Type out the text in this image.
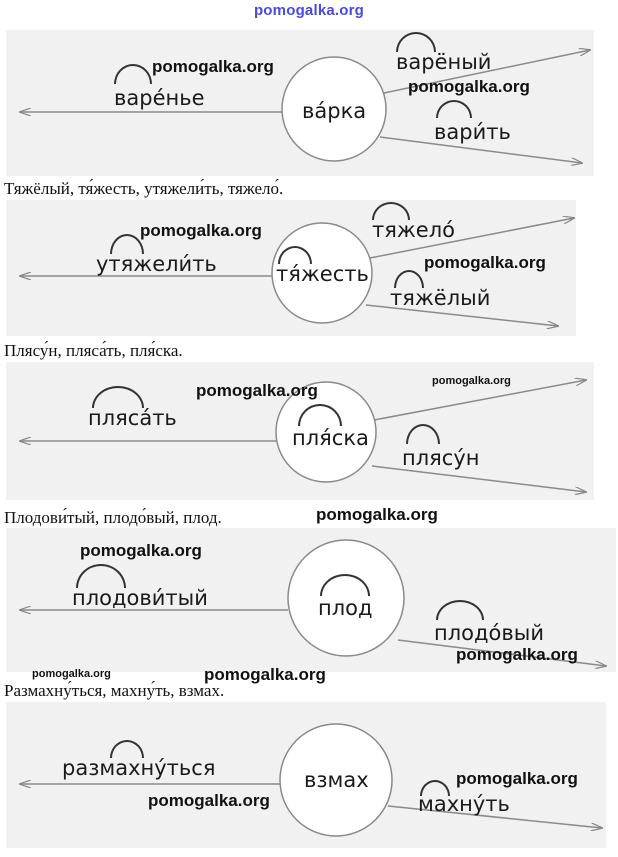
pomogalka.org
варе́нье
ва́рка
варёный
вари́ть
pomogalka.org
pomogalka.org
Тяжёлый, тя́жесть, утяжели́ть, тяжело́.
утяжели́ть	тя́жесть
тяжело́
тяжёлый
pomogalka.org
pomogalka.org
Плясу́н, пляса́ть, пля́ска.
пляса́ть
пля́ска
плясу́н
pomogalka.org	pomogalka.org
Плодови́тый, плодо́вый, плод.	pomogalka.org
плодови́тый	плод
плодо́вый
pomogalka.org
pomogalka.org
pomogalka.org	pomogalka.org
Размахну́ться, махну́ть, взмах.
размахну́ться	взмах
махну́ть
pomogalka.org
pomogalka.org
